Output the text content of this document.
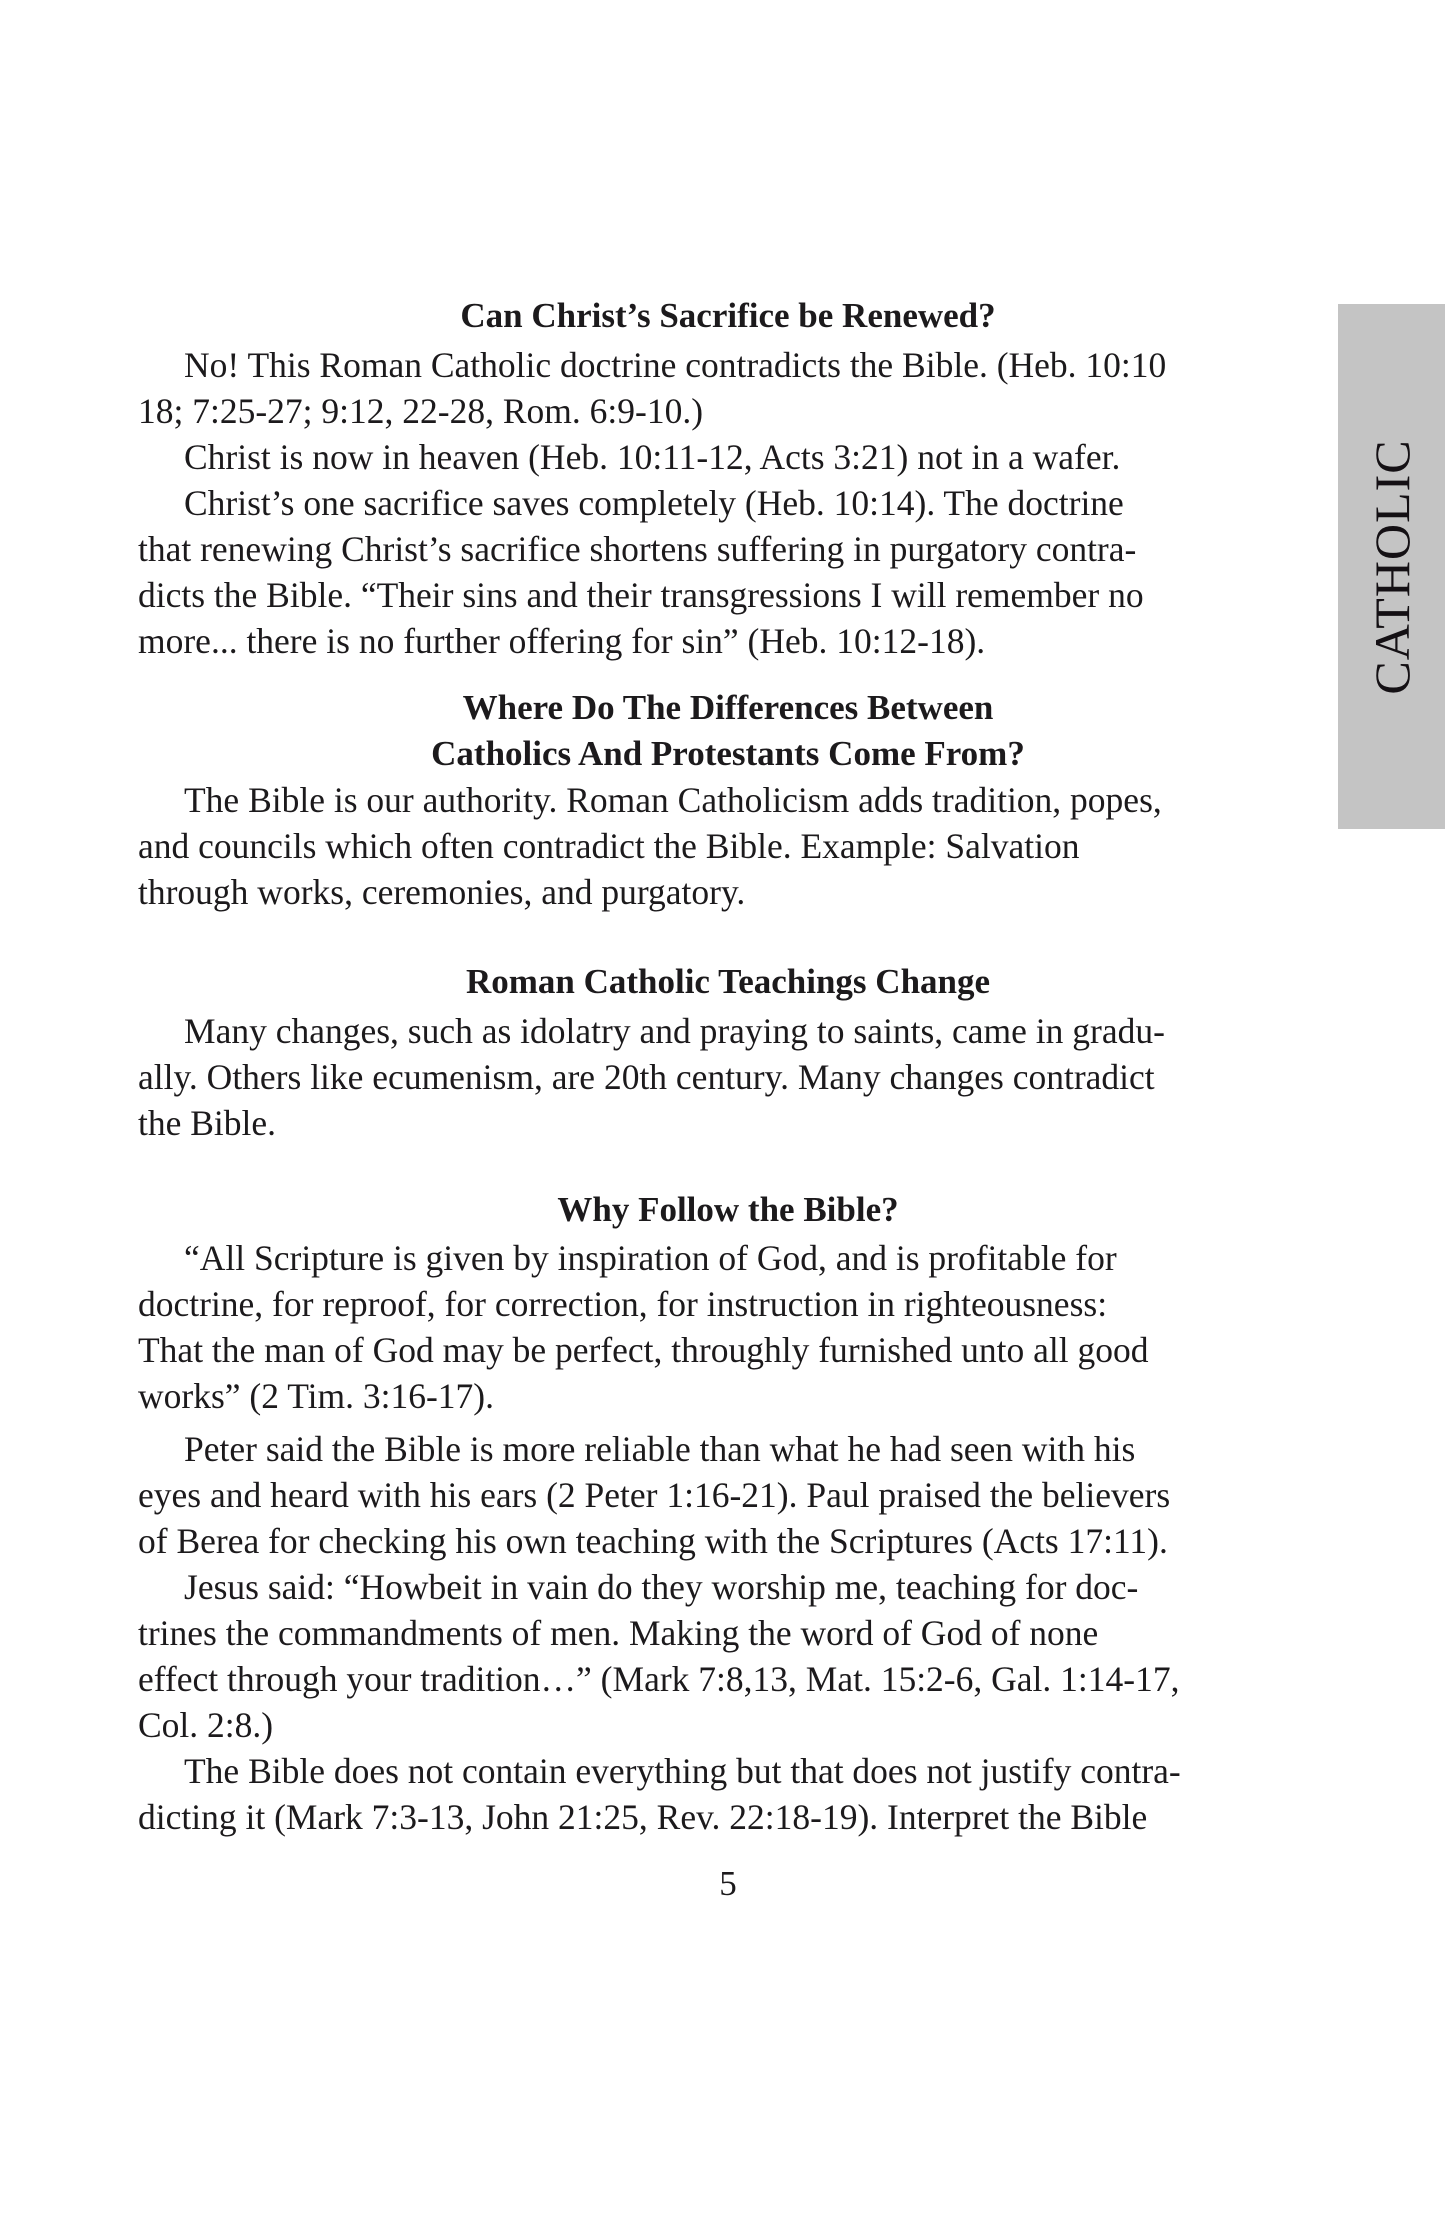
CATHOLIC
Can Christ’s Sacrifice be Renewed?
No! This Roman Catholic doctrine contradicts the Bible. (Heb. 10:10
18; 7:25-27; 9:12, 22-28, Rom. 6:9-10.)
Christ is now in heaven (Heb. 10:11-12, Acts 3:21) not in a wafer.
Christ’s one sacrifice saves completely (Heb. 10:14). The doctrine
that renewing Christ’s sacrifice shortens suffering in purgatory contra-
dicts the Bible. “Their sins and their transgressions I will remember no
more... there is no further offering for sin” (Heb. 10:12-18).
Where Do The Differences Between
Catholics And Protestants Come From?
The Bible is our authority. Roman Catholicism adds tradition, popes,
and councils which often contradict the Bible. Example: Salvation
through works, ceremonies, and purgatory.
Roman Catholic Teachings Change
Many changes, such as idolatry and praying to saints, came in gradu-
ally. Others like ecumenism, are 20th century. Many changes contradict
the Bible.
Why Follow the Bible?
“All Scripture is given by inspiration of God, and is profitable for
doctrine, for reproof, for correction, for instruction in righteousness:
That the man of God may be perfect, throughly furnished unto all good
works” (2 Tim. 3:16-17).
Peter said the Bible is more reliable than what he had seen with his
eyes and heard with his ears (2 Peter 1:16-21). Paul praised the believers
of Berea for checking his own teaching with the Scriptures (Acts 17:11).
Jesus said: “Howbeit in vain do they worship me, teaching for doc-
trines the commandments of men. Making the word of God of none
effect through your tradition…” (Mark 7:8,13, Mat. 15:2-6, Gal. 1:14-17,
Col. 2:8.)
The Bible does not contain everything but that does not justify contra-
dicting it (Mark 7:3-13, John 21:25, Rev. 22:18-19). Interpret the Bible
5
